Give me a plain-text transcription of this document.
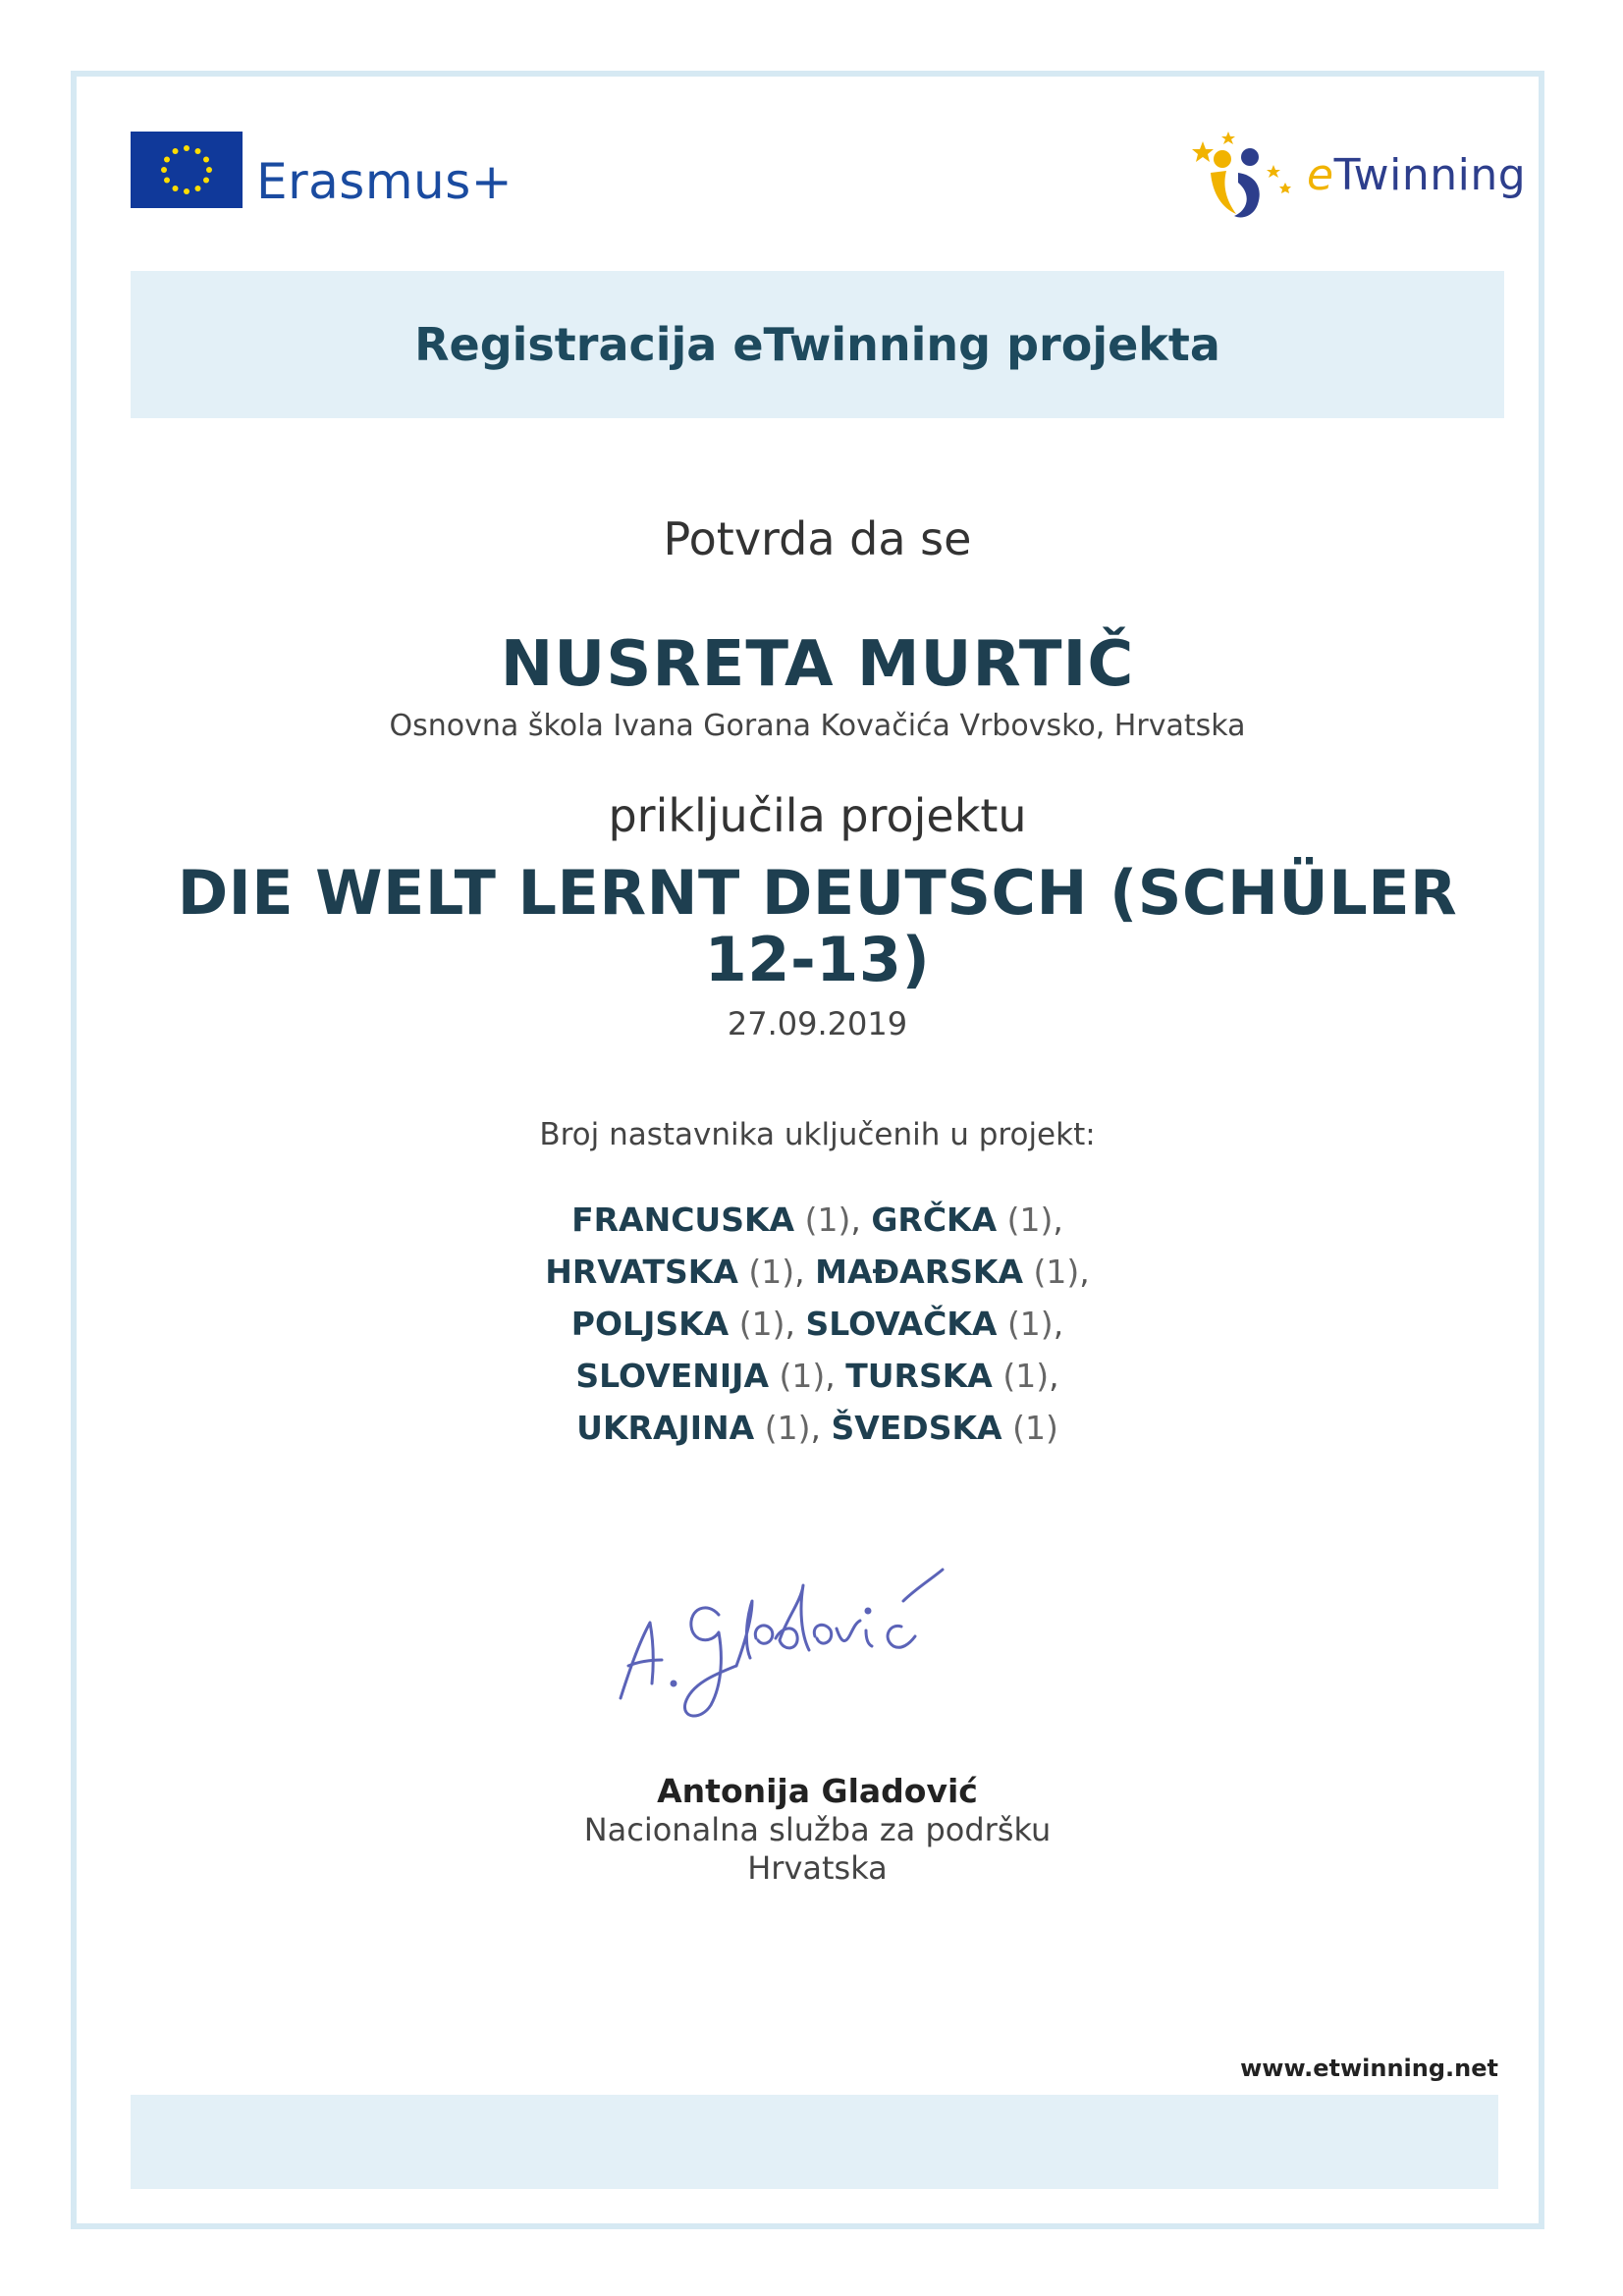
Erasmus+	eTwinning
Registracija eTwinning projekta
Potvrda da se
NUSRETA MURTIČ
Osnovna škola Ivana Gorana Kovačića Vrbovsko, Hrvatska
priključila projektu
DIE WELT LERNT DEUTSCH (SCHÜLER 12-13)
27.09.2019
Broj nastavnika uključenih u projekt:
FRANCUSKA (1), GRČKA (1),
HRVATSKA (1), MAĐARSKA (1),
POLJSKA (1), SLOVAČKA (1),
SLOVENIJA (1), TURSKA (1),
UKRAJINA (1), ŠVEDSKA (1)
Antonija Gladović
Nacionalna služba za podršku
Hrvatska
www.etwinning.net
